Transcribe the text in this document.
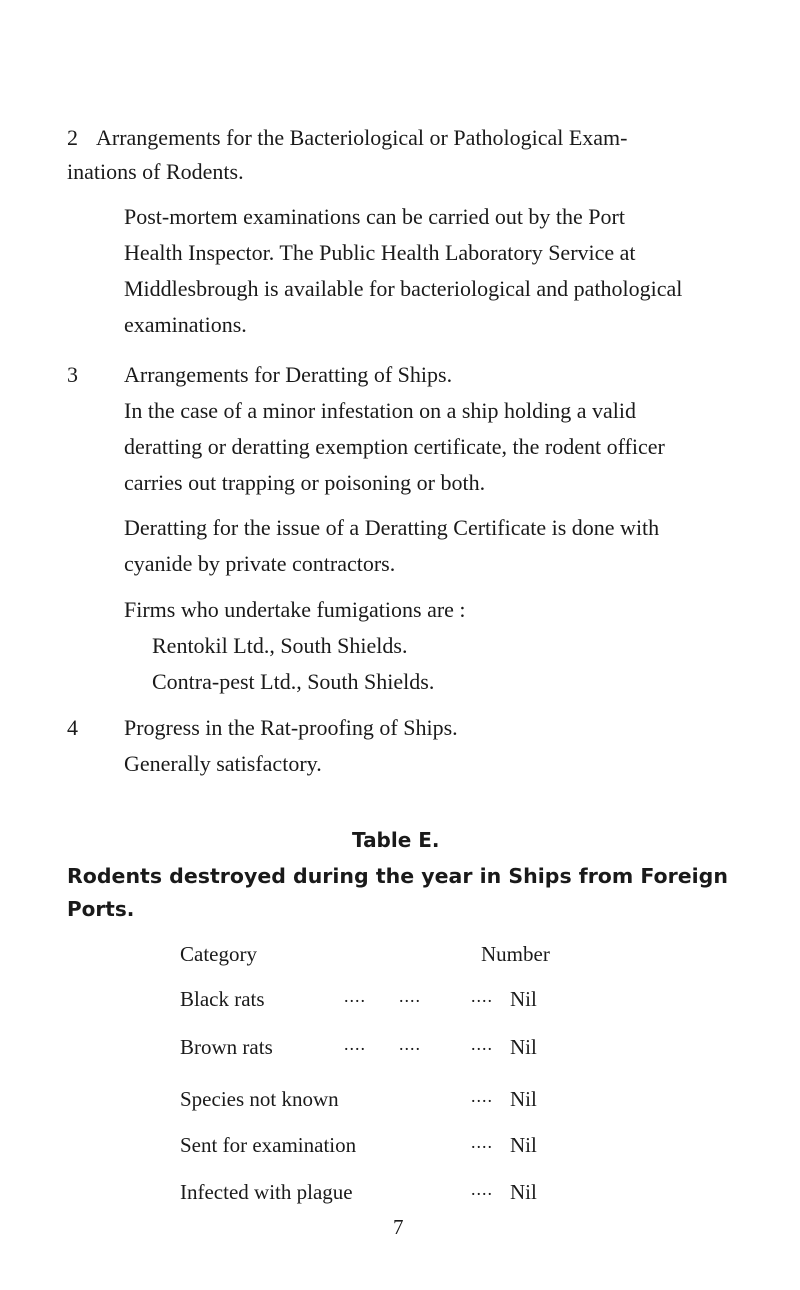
2 Arrangements for the Bacteriological or Pathological Exam-

inations of Rodents.

Post-mortem examinations can be carried out by the Port

Health Inspector. The Public Health Laboratory Service at

Middlesbrough is available for bacteriological and pathological

examinations.

3 Arrangements for Deratting of Ships.

In the case of a minor infestation on a ship holding a valid

deratting or deratting exemption certificate, the rodent officer

carries out trapping or poisoning or both.

Deratting for the issue of a Deratting Certificate is done with

cyanide by private contractors.

Firms who undertake fumigations are :

Rentokil Ltd., South Shields.

Contra-pest Ltd., South Shields.

4 Progress in the Rat-proofing of Ships.

Generally satisfactory.

Table E.

Rodents destroyed during the year in Ships from Foreign

Ports.

Category	Number
Black rats	....      ....	.... Nil
Brown rats	....      ....	.... Nil
Species not known	.... Nil
Sent for examination	.... Nil
Infected with plague	.... Nil
7
